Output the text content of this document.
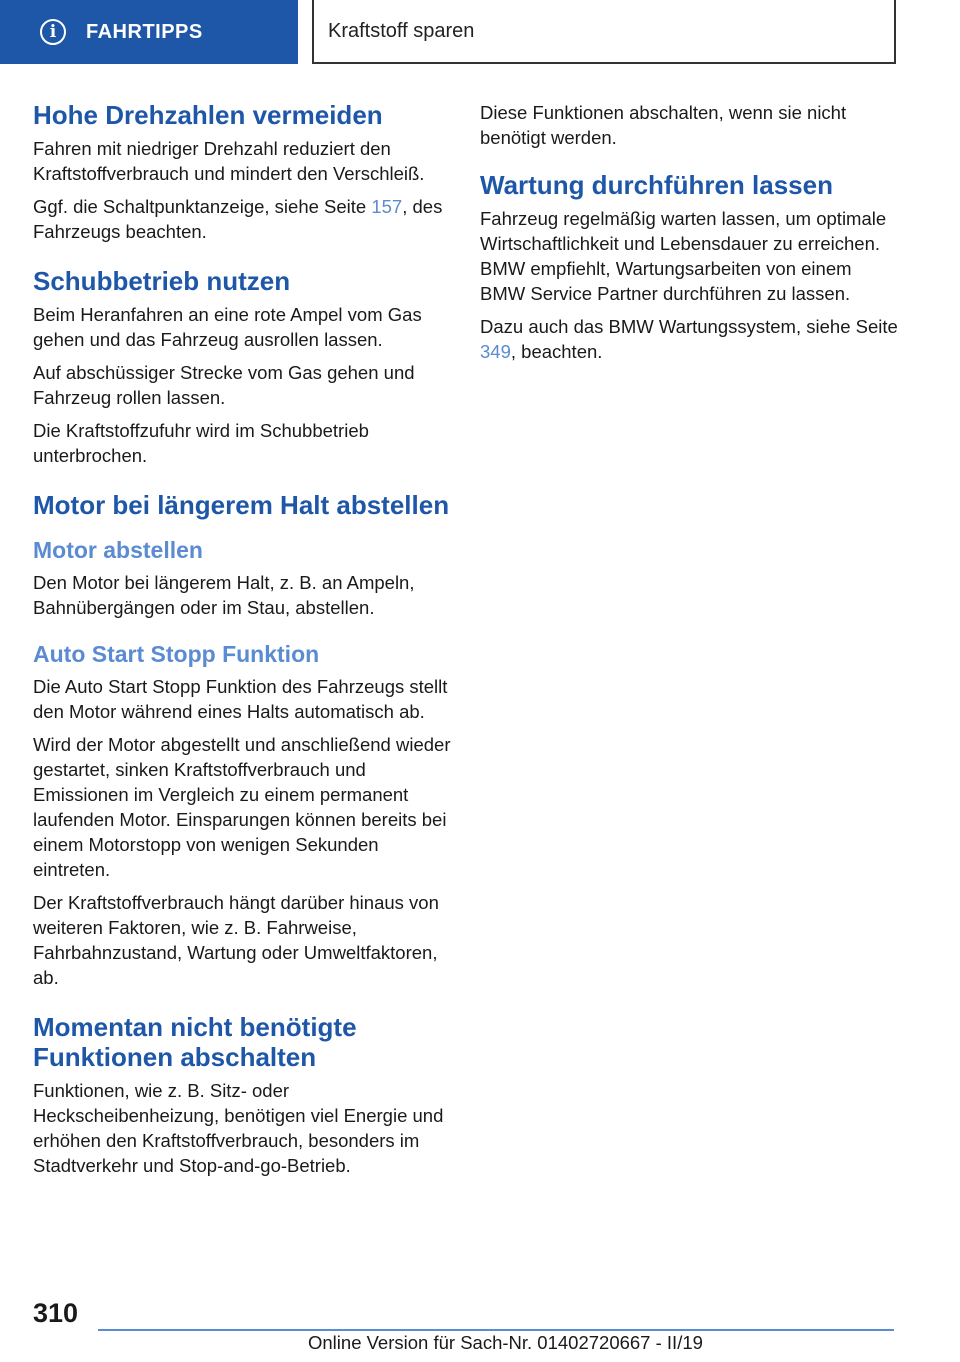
i	FAHRTIPPS	Kraftstoff sparen
Hohe Drehzahlen vermeiden

Fahren mit niedriger Drehzahl reduziert den Kraftstoffverbrauch und mindert den Verschleiß.

Ggf. die Schaltpunktanzeige, siehe Seite 157, des Fahrzeugs beachten.

Schubbetrieb nutzen

Beim Heranfahren an eine rote Ampel vom Gas gehen und das Fahrzeug ausrollen lassen.

Auf abschüssiger Strecke vom Gas gehen und Fahrzeug rollen lassen.

Die Kraftstoffzufuhr wird im Schubbetrieb unterbrochen.

Motor bei längerem Halt abstellen
Motor abstellen

Den Motor bei längerem Halt, z. B. an Ampeln, Bahnübergängen oder im Stau, abstellen.

Auto Start Stopp Funktion

Die Auto Start Stopp Funktion des Fahrzeugs stellt den Motor während eines Halts automatisch ab.

Wird der Motor abgestellt und anschließend wieder gestartet, sinken Kraftstoffverbrauch und Emissionen im Vergleich zu einem permanent laufenden Motor. Einsparungen können bereits bei einem Motorstopp von wenigen Sekunden eintreten.

Der Kraftstoffverbrauch hängt darüber hinaus von weiteren Faktoren, wie z. B. Fahrweise, Fahrbahnzustand, Wartung oder Umweltfaktoren, ab.

Momentan nicht benötigte Funktionen abschalten

Funktionen, wie z. B. Sitz- oder Heckscheibenheizung, benötigen viel Energie und erhöhen den Kraftstoffverbrauch, besonders im Stadtverkehr und Stop-and-go-Betrieb.

Diese Funktionen abschalten, wenn sie nicht benötigt werden.

Wartung durchführen lassen

Fahrzeug regelmäßig warten lassen, um optimale Wirtschaftlichkeit und Lebensdauer zu erreichen. BMW empfiehlt, Wartungsarbeiten von einem BMW Service Partner durchführen zu lassen.

Dazu auch das BMW Wartungssystem, siehe Seite 349, beachten.

310
Online Version für Sach-Nr. 01402720667 - II/19
